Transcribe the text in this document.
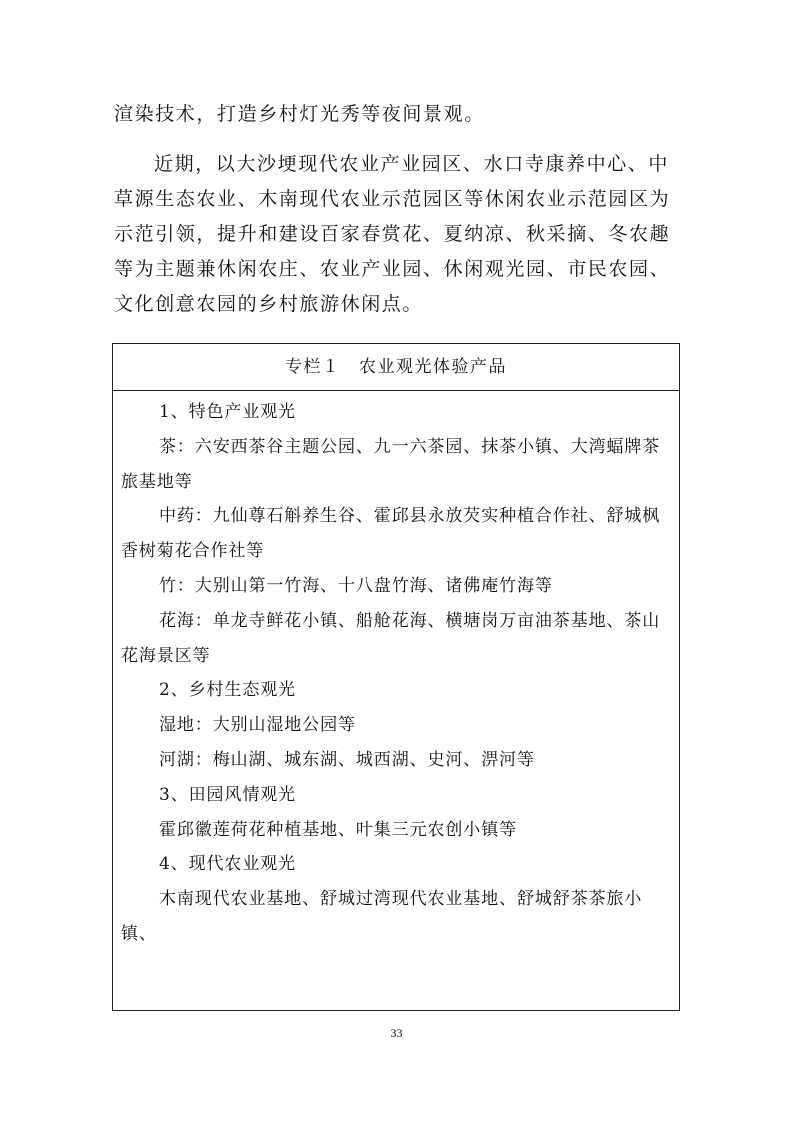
渲染技术，打造乡村灯光秀等夜间景观。

近期，以大沙埂现代农业产业园区、水口寺康养中心、中草源生态农业、木南现代农业示范园区等休闲农业示范园区为示范引领，提升和建设百家春赏花、夏纳凉、秋采摘、冬农趣等为主题兼休闲农庄、农业产业园、休闲观光园、市民农园、文化创意农园的乡村旅游休闲点。

专栏１　农业观光体验产品

1、特色产业观光

茶：六安西茶谷主题公园、九一六茶园、抹茶小镇、大湾蝠牌茶旅基地等

中药：九仙尊石斛养生谷、霍邱县永放芡实种植合作社、舒城枫香树菊花合作社等

竹：大别山第一竹海、十八盘竹海、诸佛庵竹海等

花海：单龙寺鲜花小镇、船舱花海、横塘岗万亩油茶基地、茶山花海景区等

2、乡村生态观光

湿地：大别山湿地公园等

河湖：梅山湖、城东湖、城西湖、史河、淠河等

3、田园风情观光

霍邱徽莲荷花种植基地、叶集三元农创小镇等

4、现代农业观光

木南现代农业基地、舒城过湾现代农业基地、舒城舒茶茶旅小镇、

33
